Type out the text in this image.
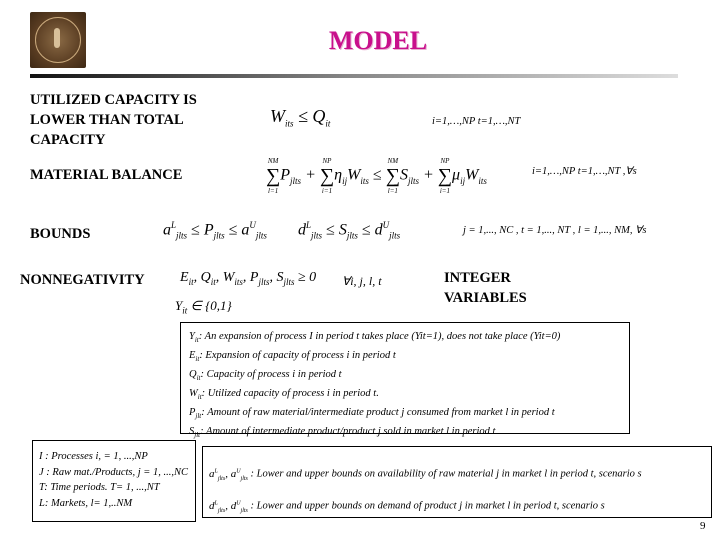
MODEL
UTILIZED CAPACITY IS
LOWER THAN TOTAL
CAPACITY
$W_{its} \le Q_{it}$	i=1,…,NP t=1,…,NT
MATERIAL BALANCE
NM
∑
l=1
$P_{jlts}$ +
NP
∑
i=1
$\eta_{ij}W_{its}$ ≤
NM
∑
l=1
$S_{jlts}$ +
NP
∑
i=1
$\mu_{ij}W_{its}$
i=1,…,NP t=1,…,NT ,∀s
BOUNDS	$a^L_{jlts} \le P_{jlts} \le a^U_{jlts}$ $d^L_{jlts} \le S_{jlts} \le d^U_{jlts}$	j = 1,..., NC , t = 1,..., NT , l = 1,..., NM, ∀s
NONNEGATIVITY	$E_{it}$, $Q_{it}$, $W_{its}$, $P_{jlts}$, $S_{jlts} \ge 0$ ∀i, j, l, t
$Y_{it}$ ∈ {0,1}
INTEGER
VARIABLES
$Y_{it}$: An expansion of process I in period t takes place (Yit=1), does not take place (Yit=0)
$E_{it}$: Expansion of capacity of process i in period t
$Q_{it}$: Capacity of process i in period t
$W_{it}$: Utilized capacity of process i in period t.
$P_{jlt}$: Amount of raw material/intermediate product j consumed from market l in period t
$S_{jlt}$: Amount of intermediate product/product j sold in market l in period t
I : Processes i, = 1, ...,NP
J : Raw mat./Products, j = 1, ...,NC
T: Time periods. T= 1, ...,NT
L: Markets, l= 1,..NM
$a^L_{jlts}$, $a^U_{jlts}$ : Lower and upper bounds on availability of raw material j in market l in period t, scenario s
$d^L_{jlts}$, $d^U_{jlts}$ : Lower and upper bounds on demand of product j in market l in period t, scenario s
9
